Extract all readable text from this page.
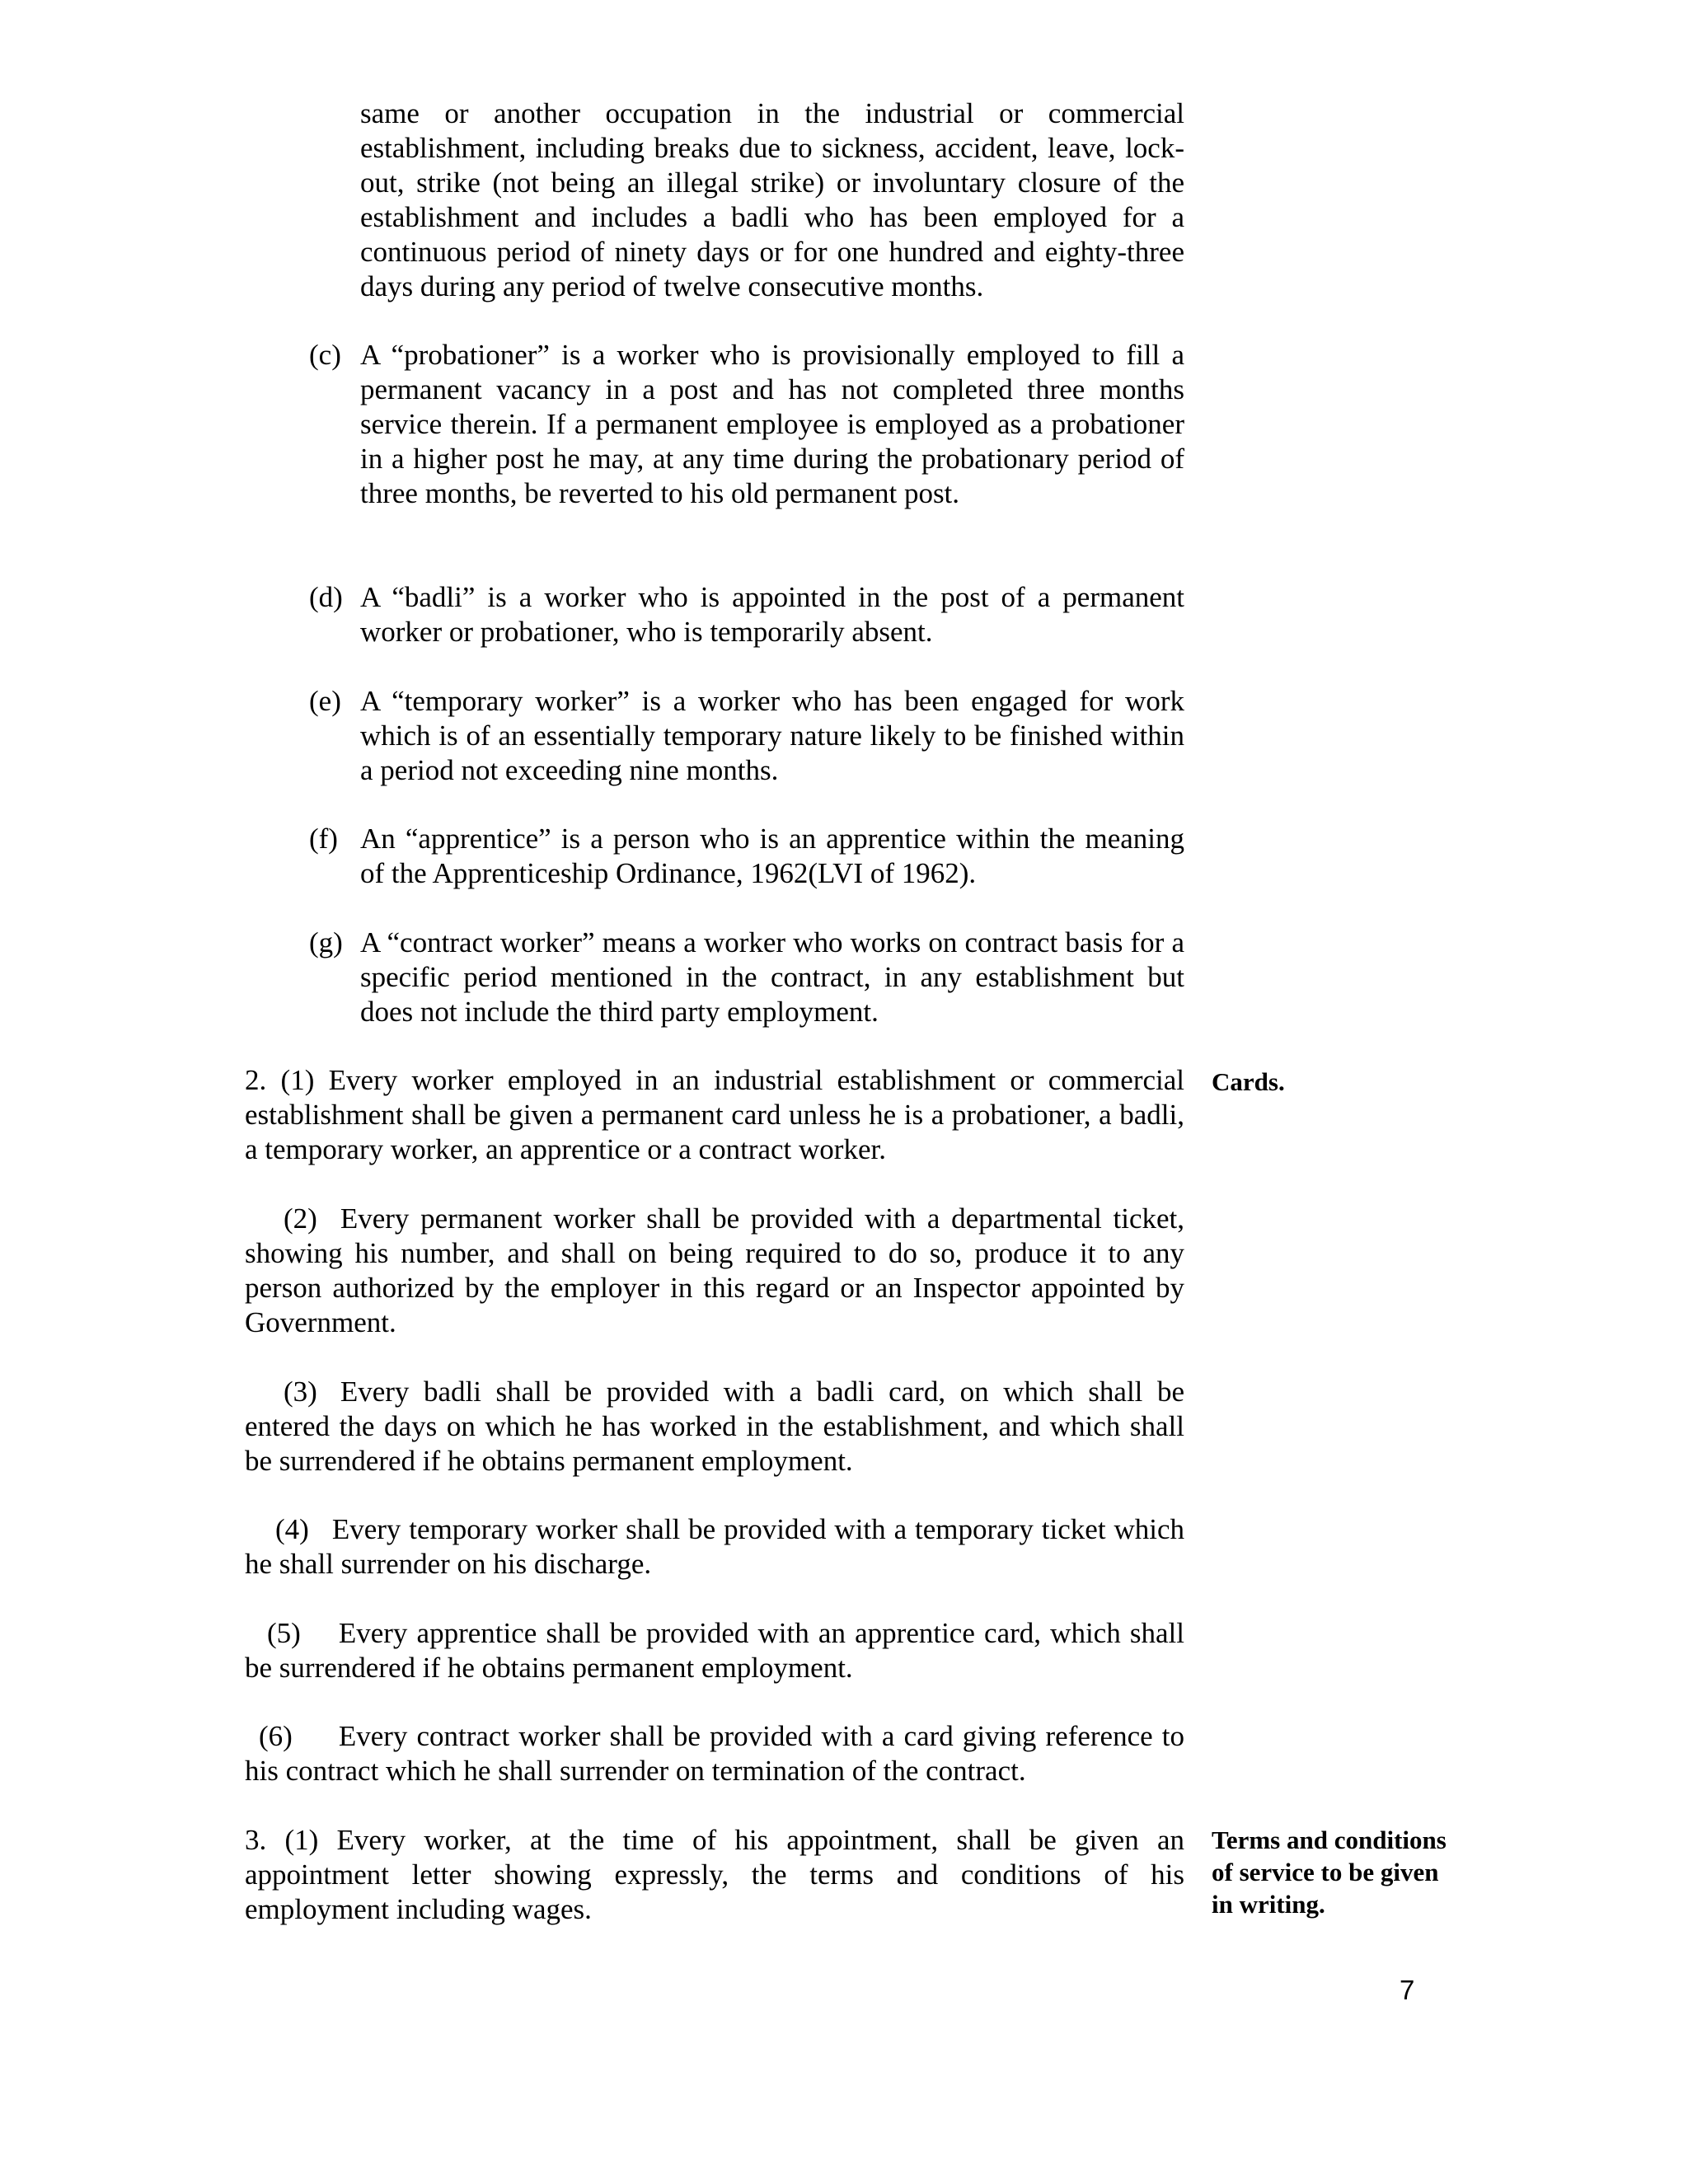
same or another occupation in the industrial or commercial establishment, including breaks due to sickness, accident, leave, lock-out, strike (not being an illegal strike) or involuntary closure of the establishment and includes a badli who has been employed for a continuous period of ninety days or for one hundred and eighty-three days during any period of twelve consecutive months.

(c) A “probationer” is a worker who is provisionally employed to fill a permanent vacancy in a post and has not completed three months service therein. If a permanent employee is employed as a probationer in a higher post he may, at any time during the probationary period of three months, be reverted to his old permanent post.

(d) A “badli” is a worker who is appointed in the post of a permanent worker or probationer, who is temporarily absent.

(e) A “temporary worker” is a worker who has been engaged for work which is of an essentially temporary nature likely to be finished within a period not exceeding nine months.

(f) An “apprentice” is a person who is an apprentice within the meaning of the Apprenticeship Ordinance, 1962(LVI of 1962).

(g) A “contract worker” means a worker who works on contract basis for a specific period mentioned in the contract, in any establishment but does not include the third party employment.

2. (1) Every worker employed in an industrial establishment or commercial establishment shall be given a permanent card unless he is a probationer, a badli, a temporary worker, an apprentice or a contract worker.

Cards.

(2) Every permanent worker shall be provided with a departmental ticket, showing his number, and shall on being required to do so, produce it to any person authorized by the employer in this regard or an Inspector appointed by Government.

(3) Every badli shall be provided with a badli card, on which shall be entered the days on which he has worked in the establishment, and which shall be surrendered if he obtains permanent employment.

(4) Every temporary worker shall be provided with a temporary ticket which he shall surrender on his discharge.

(5) Every apprentice shall be provided with an apprentice card, which shall be surrendered if he obtains permanent employment.

(6) Every contract worker shall be provided with a card giving reference to his contract which he shall surrender on termination of the contract.

3. (1) Every worker, at the time of his appointment, shall be given an appointment letter showing expressly, the terms and conditions of his employment including wages.

Terms and conditions
of service to be given
in writing.
7
